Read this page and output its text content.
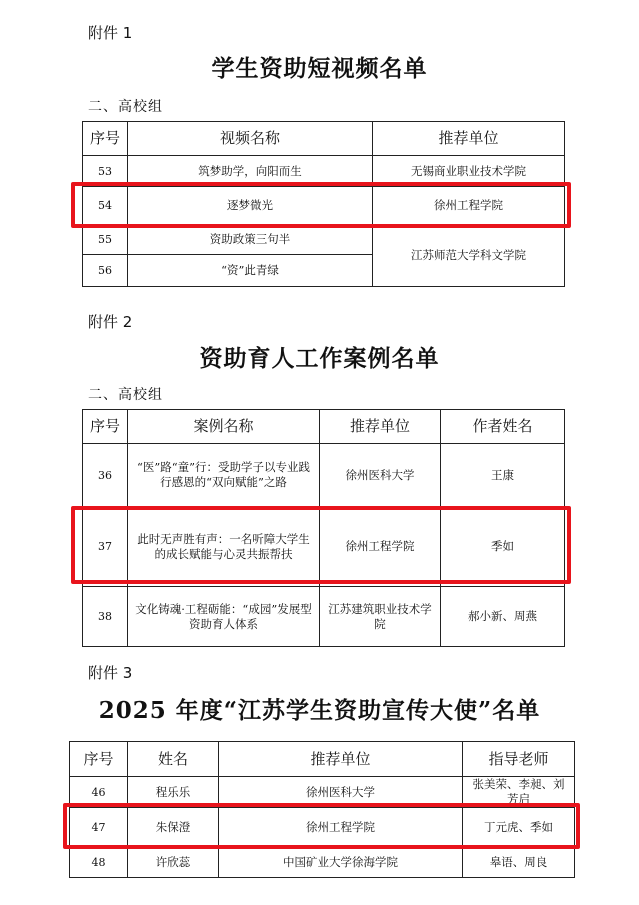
附件 1
学生资助短视频名单
二、高校组
序号	视频名称	推荐单位
53	筑梦助学，向阳而生	无锡商业职业技术学院
54	逐梦微光	徐州工程学院
55	资助政策三句半	江苏师范大学科文学院
56	“资”此青绿	
附件 2
资助育人工作案例名单
二、高校组
序号	案例名称	推荐单位	作者姓名
36	“医”路“童”行：受助学子以专业践行感恩的“双向赋能”之路	徐州医科大学	王康
37	此时无声胜有声：一名听障大学生的成长赋能与心灵共振帮扶	徐州工程学院	季如
38	文化铸魂·工程砺能：“成园”发展型资助育人体系	江苏建筑职业技术学院	郝小新、周燕
附件 3
2025 年度“江苏学生资助宣传大使”名单
序号	姓名	推荐单位	指导老师
46	程乐乐	徐州医科大学	张美荣、李昶、刘芳启
47	朱保澄	徐州工程学院	丁元虎、季如
48	许欣蕊	中国矿业大学徐海学院	皋语、周良
